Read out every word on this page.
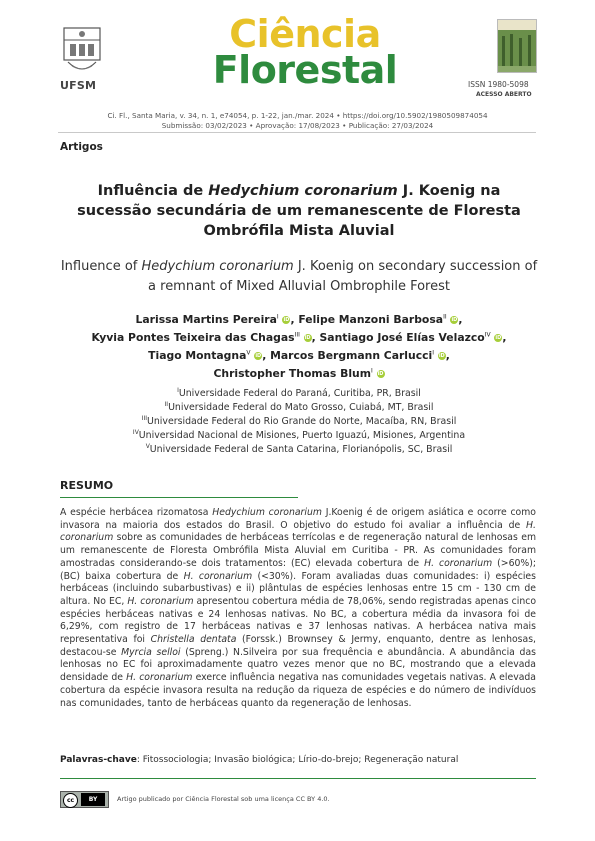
UFSM
Ciência
Florestal	ISSN 1980-5098
ACESSO ABERTO
Ci. Fl., Santa Maria, v. 34, n. 1, e74054, p. 1-22, jan./mar. 2024 • https://doi.org/10.5902/1980509874054
Submissão: 03/02/2023 • Aprovação: 17/08/2023 • Publicação: 27/03/2024
Artigos
Influência de Hedychium coronarium J. Koenig na sucessão secundária de um remanescente de Floresta Ombrófila Mista Aluvial
Influence of Hedychium coronarium J. Koenig on secondary succession of a remnant of Mixed Alluvial Ombrophile Forest
Larissa Martins Pereira$^I$ iD, Felipe Manzoni Barbosa$^{II}$ iD,
Kyvia Pontes Teixeira das Chagas$^{III}$ iD, Santiago José Elías Velazco$^{IV}$ iD,
Tiago Montagna$^V$ iD, Marcos Bergmann Carlucci$^I$ iD,
Christopher Thomas Blum$^I$ iD
$^I$Universidade Federal do Paraná, Curitiba, PR, Brasil
$^{II}$Universidade Federal do Mato Grosso, Cuiabá, MT, Brasil
$^{III}$Universidade Federal do Rio Grande do Norte, Macaíba, RN, Brasil
$^{IV}$Universidad Nacional de Misiones, Puerto Iguazú, Misiones, Argentina
$^V$Universidade Federal de Santa Catarina, Florianópolis, SC, Brasil
RESUMO

A espécie herbácea rizomatosa Hedychium coronarium J.Koenig é de origem asiática e ocorre como invasora na maioria dos estados do Brasil. O objetivo do estudo foi avaliar a influência de H. coronarium sobre as comunidades de herbáceas terrícolas e de regeneração natural de lenhosas em um remanescente de Floresta Ombrófila Mista Aluvial em Curitiba - PR. As comunidades foram amostradas considerando-se dois tratamentos: (EC) elevada cobertura de H. coronarium (>60%); (BC) baixa cobertura de H. coronarium (<30%). Foram avaliadas duas comunidades: i) espécies herbáceas (incluindo subarbustivas) e ii) plântulas de espécies lenhosas entre 15 cm - 130 cm de altura. No EC, H. coronarium apresentou cobertura média de 78,06%, sendo registradas apenas cinco espécies herbáceas nativas e 24 lenhosas nativas. No BC, a cobertura média da invasora foi de 6,29%, com registro de 17 herbáceas nativas e 37 lenhosas nativas. A herbácea nativa mais representativa foi Christella dentata (Forssk.) Brownsey & Jermy, enquanto, dentre as lenhosas, destacou-se Myrcia selloi (Spreng.) N.Silveira por sua frequência e abundância. A abundância das lenhosas no EC foi aproximadamente quatro vezes menor que no BC, mostrando que a elevada densidade de H. coronarium exerce influência negativa nas comunidades vegetais nativas. A elevada cobertura da espécie invasora resulta na redução da riqueza de espécies e do número de indivíduos nas comunidades, tanto de herbáceas quanto da regeneração de lenhosas.

Palavras-chave: Fitossociologia; Invasão biológica; Lírio-do-brejo; Regeneração natural
cc	BY	Artigo publicado por Ciência Florestal sob uma licença CC BY 4.0.
